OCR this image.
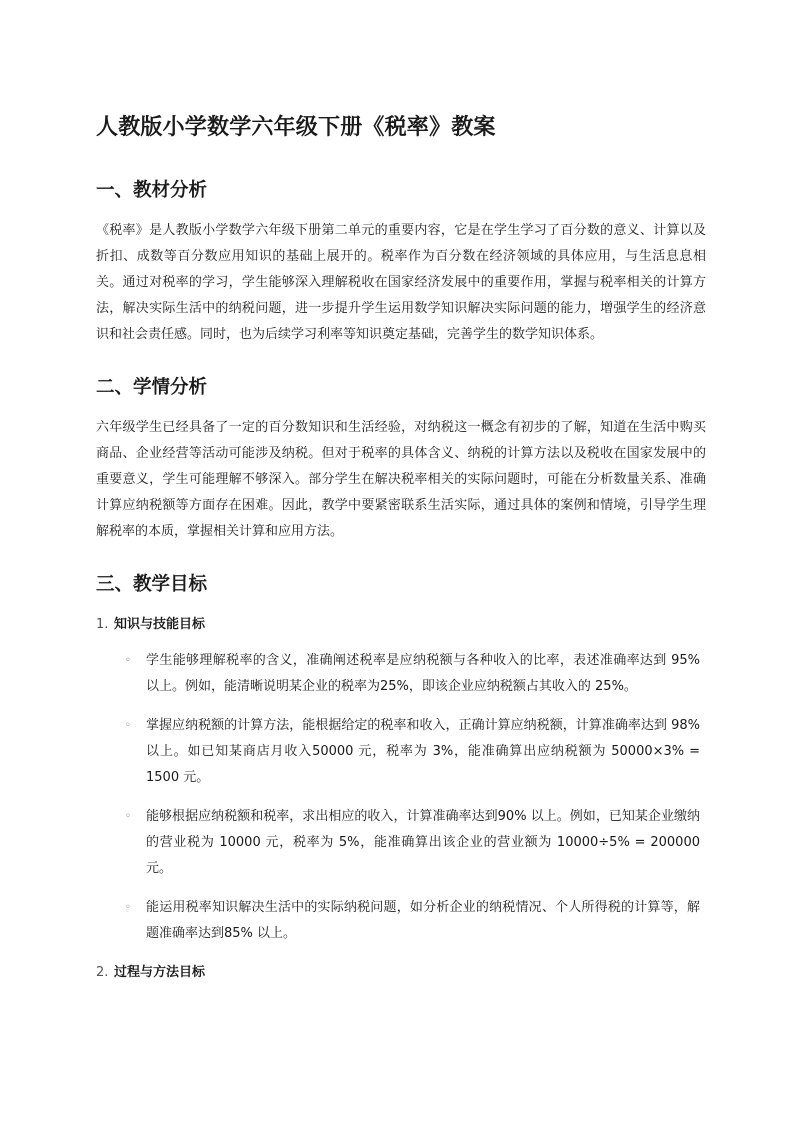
人教版小学数学六年级下册《税率》教案
一、教材分析

《税率》是人教版小学数学六年级下册第二单元的重要内容，它是在学生学习了百分数的意义、计算以及折扣、成数等百分数应用知识的基础上展开的。税率作为百分数在经济领域的具体应用，与生活息息相关。通过对税率的学习，学生能够深入理解税收在国家经济发展中的重要作用，掌握与税率相关的计算方法，解决实际生活中的纳税问题，进一步提升学生运用数学知识解决实际问题的能力，增强学生的经济意识和社会责任感。同时，也为后续学习利率等知识奠定基础，完善学生的数学知识体系。

二、学情分析

六年级学生已经具备了一定的百分数知识和生活经验，对纳税这一概念有初步的了解，知道在生活中购买商品、企业经营等活动可能涉及纳税。但对于税率的具体含义、纳税的计算方法以及税收在国家发展中的重要意义，学生可能理解不够深入。部分学生在解决税率相关的实际问题时，可能在分析数量关系、准确计算应纳税额等方面存在困难。因此，教学中要紧密联系生活实际，通过具体的案例和情境，引导学生理解税率的本质，掌握相关计算和应用方法。

三、教学目标
1. 知识与技能目标
◦ 学生能够理解税率的含义，准确阐述税率是应纳税额与各种收入的比率，表述准确率达到 95% 以上。例如，能清晰说明某企业的税率为25%，即该企业应纳税额占其收入的 25%。
◦ 掌握应纳税额的计算方法，能根据给定的税率和收入，正确计算应纳税额，计算准确率达到 98% 以上。如已知某商店月收入50000 元，税率为 3%，能准确算出应纳税额为 50000×3% = 1500 元。
◦ 能够根据应纳税额和税率，求出相应的收入，计算准确率达到90% 以上。例如，已知某企业缴纳的营业税为 10000 元，税率为 5%，能准确算出该企业的营业额为 10000÷5% = 200000 元。
◦ 能运用税率知识解决生活中的实际纳税问题，如分析企业的纳税情况、个人所得税的计算等，解题准确率达到85% 以上。
2. 过程与方法目标
